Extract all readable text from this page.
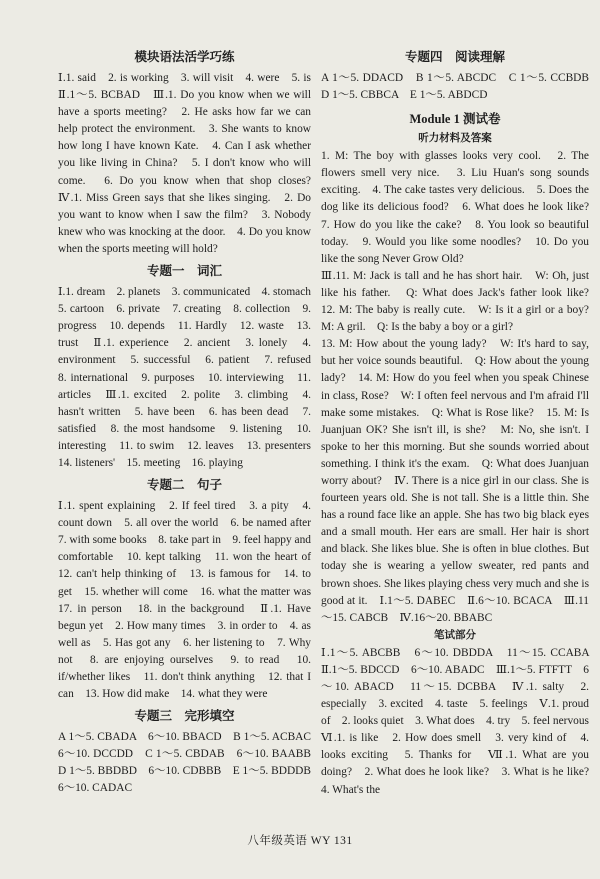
模块语法活学巧练

Ⅰ.1. said　2. is working　3. will visit　4. were　5. is　Ⅱ.1～5. BCBAD　Ⅲ.1. Do you know when we will have a sports meeting?　2. He asks how far we can help protect the environment.　3. She wants to know how long I have known Kate.　4. Can I ask whether you like living in China?　5. I don't know who will come.　6. Do you know when that shop closes?　Ⅳ.1. Miss Green says that she likes singing.　2. Do you want to know when I saw the film?　3. Nobody knew who was knocking at the door.　4. Do you know when the sports meeting will hold?

专题一　词汇

Ⅰ.1. dream　2. planets　3. communicated　4. stomach　5. cartoon　6. private　7. creating　8. collection　9. progress　10. depends　11. Hardly　12. waste　13. trust　Ⅱ.1. experience　2. ancient　3. lonely　4. environment　5. successful　6. patient　7. refused　8. international　9. purposes　10. interviewing　11. articles　Ⅲ.1. excited　2. polite　3. climbing　4. hasn't written　5. have been　6. has been dead　7. satisfied　8. the most handsome　9. listening　10. interesting　11. to swim　12. leaves　13. presenters　14. listeners'　15. meeting　16. playing

专题二　句子

Ⅰ.1. spent explaining　2. If feel tired　3. a pity　4. count down　5. all over the world　6. be named after　7. with some books　8. take part in　9. feel happy and comfortable　10. kept talking　11. won the heart of　12. can't help thinking of　13. is famous for　14. to get　15. whether will come　16. what the matter was　17. in person　18. in the background　Ⅱ.1. Have begun yet　2. How many times　3. in order to　4. as well as　5. Has got any　6. her listening to　7. Why not　8. are enjoying ourselves　9. to read　10. if/whether likes　11. don't think anything　12. that I can　13. How did make　14. what they were

专题三　完形填空

A 1～5. CBADA　6～10. BBACD　B 1～5. ACBAC　6～10. DCCDD　C 1～5. CBDAB　6～10. BAABB　D 1～5. BBDBD　6～10. CDBBB　E 1～5. BDDDB　6～10. CADAC

专题四　阅读理解

A 1～5. DDACD　B 1～5. ABCDC　C 1～5. CCBDB　D 1～5. CBBCA　E 1～5. ABDCD

Module 1 测试卷
听力材料及答案

1. M: The boy with glasses looks very cool.　2. The flowers smell very nice.　3. Liu Huan's song sounds exciting.　4. The cake tastes very delicious.　5. Does the dog like its delicious food?　6. What does he look like?　7. How do you like the cake?　8. You look so beautiful today.　9. Would you like some noodles?　10. Do you like the song Never Grow Old?

Ⅲ.11. M: Jack is tall and he has short hair.　W: Oh, just like his father.　Q: What does Jack's father look like?　12. M: The baby is really cute.　W: Is it a girl or a boy?　M: A gril.　Q: Is the baby a boy or a girl?

13. M: How about the young lady?　W: It's hard to say, but her voice sounds beautiful.　Q: How about the young lady?　14. M: How do you feel when you speak Chinese in class, Rose?　W: I often feel nervous and I'm afraid I'll make some mistakes.　Q: What is Rose like?　15. M: Is Juanjuan OK? She isn't ill, is she?　M: No, she isn't. I spoke to her this morning. But she sounds worried about something. I think it's the exam.　Q: What does Juanjuan worry about?　Ⅳ. There is a nice girl in our class. She is fourteen years old. She is not tall. She is a little thin. She has a round face like an apple. She has two big black eyes and a small mouth. Her ears are small. Her hair is short and black. She likes blue. She is often in blue clothes. But today she is wearing a yellow sweater, red pants and brown shoes. She likes playing chess very much and she is good at it.　Ⅰ.1～5. DABEC　Ⅱ.6～10. BCACA　Ⅲ.11～15. CABCB　Ⅳ.16～20. BBABC

笔试部分

Ⅰ.1～5. ABCBB　6～10. DBDDA　11～15. CCABA　Ⅱ.1～5. BDCCD　6～10. ABADC　Ⅲ.1～5. FTFTT　6～10. ABACD　11～15. DCBBA　Ⅳ.1. salty　2. especially　3. excited　4. taste　5. feelings　Ⅴ.1. proud of　2. looks quiet　3. What does　4. try　5. feel nervous　Ⅵ.1. is like　2. How does smell　3. very kind of　4. looks exciting　5. Thanks for　Ⅶ.1. What are you doing?　2. What does he look like?　3. What is he like?　4. What's the

八年级英语 WY 131
